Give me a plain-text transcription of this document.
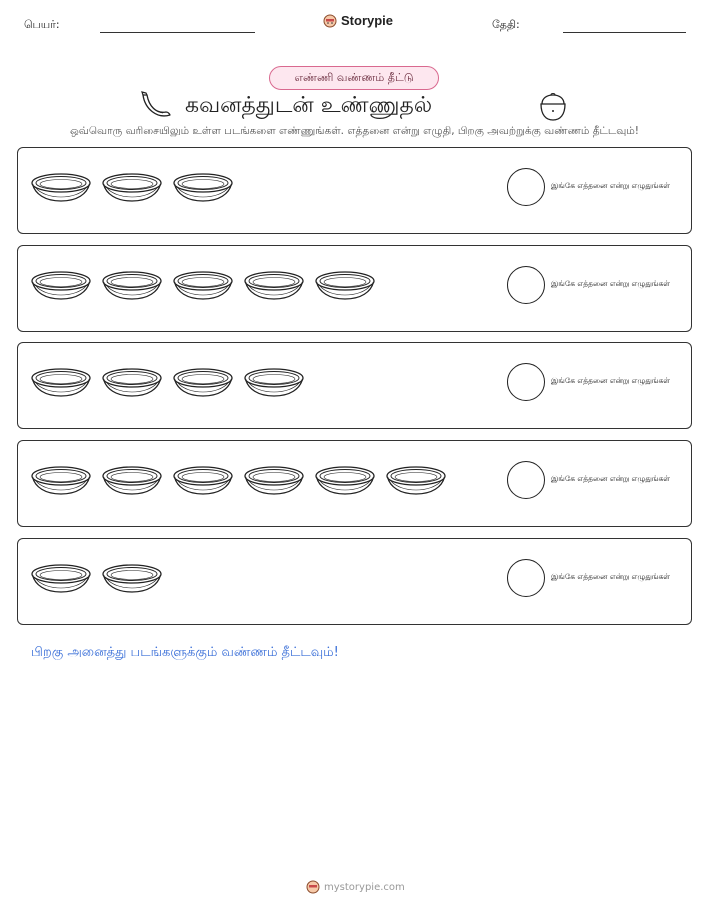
பெயர்:	Storypie	தேதி:
எண்ணி வண்ணம் தீட்டு
கவனத்துடன் உண்ணுதல்
ஒவ்வொரு வரிசையிலும் உள்ள படங்களை எண்ணுங்கள். எத்தனை என்று எழுதி, பிறகு அவற்றுக்கு வண்ணம் தீட்டவும்!
இங்கே எத்தனை என்று எழுதுங்கள்
இங்கே எத்தனை என்று எழுதுங்கள்
இங்கே எத்தனை என்று எழுதுங்கள்
இங்கே எத்தனை என்று எழுதுங்கள்
இங்கே எத்தனை என்று எழுதுங்கள்
பிறகு அனைத்து படங்களுக்கும் வண்ணம் தீட்டவும்!
mystorypie.com
